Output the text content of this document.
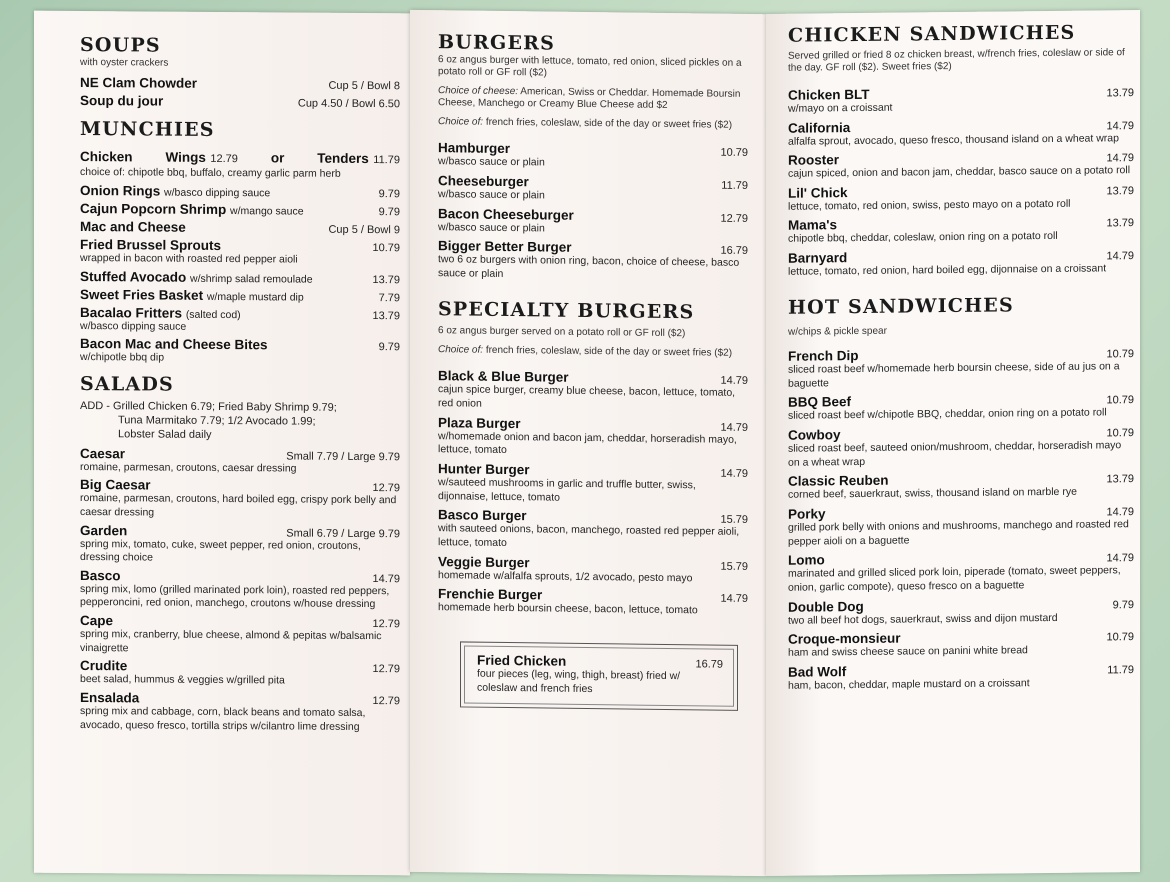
SOUPS
with oyster crackers
NE Clam Chowder	Cup 5 / Bowl 8
Soup du jour	Cup 4.50 / Bowl 6.50
MUNCHIES
Chicken Wings 12.79 or Tenders 11.79
choice of: chipotle bbq, buffalo, creamy garlic parm herb
Onion Rings w/basco dipping sauce	9.79
Cajun Popcorn Shrimp w/mango sauce	9.79
Mac and Cheese	Cup 5 / Bowl 9
Fried Brussel Sprouts	10.79
wrapped in bacon with roasted red pepper aioli
Stuffed Avocado w/shrimp salad remoulade	13.79
Sweet Fries Basket w/maple mustard dip	7.79
Bacalao Fritters (salted cod)	13.79
w/basco dipping sauce
Bacon Mac and Cheese Bites	9.79
w/chipotle bbq dip
SALADS
ADD - Grilled Chicken 6.79; Fried Baby Shrimp 9.79;
Tuna Marmitako 7.79; 1/2 Avocado 1.99;
Lobster Salad daily
Caesar	Small 7.79 / Large 9.79
romaine, parmesan, croutons, caesar dressing
Big Caesar	12.79
romaine, parmesan, croutons, hard boiled egg, crispy pork belly and caesar dressing
Garden	Small 6.79 / Large 9.79
spring mix, tomato, cuke, sweet pepper, red onion, croutons, dressing choice
Basco	14.79
spring mix, lomo (grilled marinated pork loin), roasted red peppers, pepperoncini, red onion, manchego, croutons w/house dressing
Cape	12.79
spring mix, cranberry, blue cheese, almond & pepitas w/balsamic vinaigrette
Crudite	12.79
beet salad, hummus & veggies w/grilled pita
Ensalada	12.79
spring mix and cabbage, corn, black beans and tomato salsa, avocado, queso fresco, tortilla strips w/cilantro lime dressing
BURGERS
6 oz angus burger with lettuce, tomato, red onion, sliced pickles on a potato roll or GF roll ($2)
Choice of cheese: American, Swiss or Cheddar. Homemade Boursin Cheese, Manchego or Creamy Blue Cheese add $2
Choice of: french fries, coleslaw, side of the day or sweet fries ($2)
Hamburger	10.79
w/basco sauce or plain
Cheeseburger	11.79
w/basco sauce or plain
Bacon Cheeseburger	12.79
w/basco sauce or plain
Bigger Better Burger	16.79
two 6 oz burgers with onion ring, bacon, choice of cheese, basco sauce or plain
SPECIALTY BURGERS
6 oz angus burger served on a potato roll or GF roll ($2)
Choice of: french fries, coleslaw, side of the day or sweet fries ($2)
Black & Blue Burger	14.79
cajun spice burger, creamy blue cheese, bacon, lettuce, tomato, red onion
Plaza Burger	14.79
w/homemade onion and bacon jam, cheddar, horseradish mayo, lettuce, tomato
Hunter Burger	14.79
w/sauteed mushrooms in garlic and truffle butter, swiss, dijonnaise, lettuce, tomato
Basco Burger	15.79
with sauteed onions, bacon, manchego, roasted red pepper aioli, lettuce, tomato
Veggie Burger	15.79
homemade w/alfalfa sprouts, 1/2 avocado, pesto mayo
Frenchie Burger	14.79
homemade herb boursin cheese, bacon, lettuce, tomato
Fried Chicken	16.79
four pieces (leg, wing, thigh, breast) fried w/ coleslaw and french fries
CHICKEN SANDWICHES
Served grilled or fried 8 oz chicken breast, w/french fries, coleslaw or side of the day. GF roll ($2). Sweet fries ($2)
Chicken BLT	13.79
w/mayo on a croissant
California	14.79
alfalfa sprout, avocado, queso fresco, thousand island on a wheat wrap
Rooster	14.79
cajun spiced, onion and bacon jam, cheddar, basco sauce on a potato roll
Lil' Chick	13.79
lettuce, tomato, red onion, swiss, pesto mayo on a potato roll
Mama's	13.79
chipotle bbq, cheddar, coleslaw, onion ring on a potato roll
Barnyard	14.79
lettuce, tomato, red onion, hard boiled egg, dijonnaise on a croissant
HOT SANDWICHES
w/chips & pickle spear
French Dip	10.79
sliced roast beef w/homemade herb boursin cheese, side of au jus on a baguette
BBQ Beef	10.79
sliced roast beef w/chipotle BBQ, cheddar, onion ring on a potato roll
Cowboy	10.79
sliced roast beef, sauteed onion/mushroom, cheddar, horseradish mayo on a wheat wrap
Classic Reuben	13.79
corned beef, sauerkraut, swiss, thousand island on marble rye
Porky	14.79
grilled pork belly with onions and mushrooms, manchego and roasted red pepper aioli on a baguette
Lomo	14.79
marinated and grilled sliced pork loin, piperade (tomato, sweet peppers, onion, garlic compote), queso fresco on a baguette
Double Dog	9.79
two all beef hot dogs, sauerkraut, swiss and dijon mustard
Croque-monsieur	10.79
ham and swiss cheese sauce on panini white bread
Bad Wolf	11.79
ham, bacon, cheddar, maple mustard on a croissant
